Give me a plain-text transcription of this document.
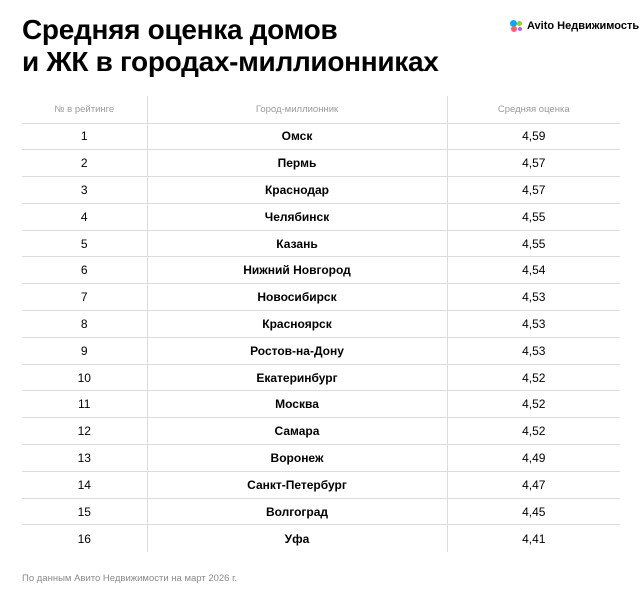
Средняя оценка домов
и ЖК в городах-миллионниках
Avito Недвижимость
№ в рейтинге	Город-миллионник	Средняя оценка
1	Омск	4,59
2	Пермь	4,57
3	Краснодар	4,57
4	Челябинск	4,55
5	Казань	4,55
6	Нижний Новгород	4,54
7	Новосибирск	4,53
8	Красноярск	4,53
9	Ростов-на-Дону	4,53
10	Екатеринбург	4,52
11	Москва	4,52
12	Самара	4,52
13	Воронеж	4,49
14	Санкт-Петербург	4,47
15	Волгоград	4,45
16	Уфа	4,41
По данным Авито Недвижимости на март 2026 г.
